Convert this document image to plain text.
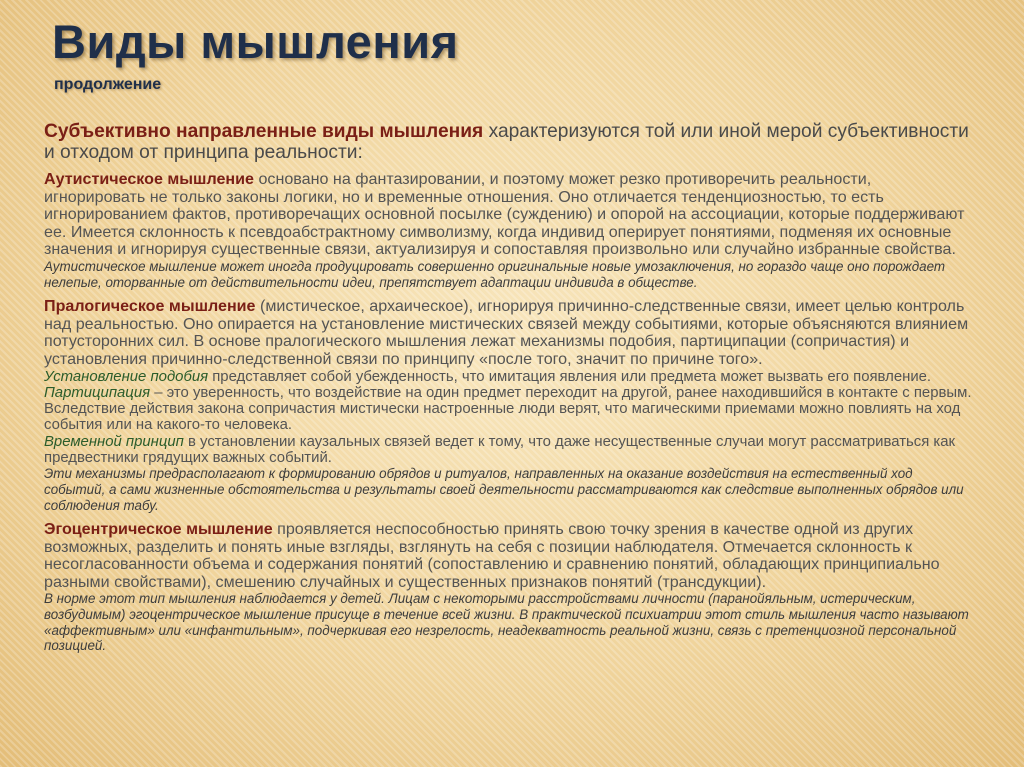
Виды мышления
продолжение

Субъективно направленные виды мышления характеризуются той или иной мерой субъективности и отходом от принципа реальности:

Аутистическое мышление основано на фантазировании, и поэтому может резко противоречить реальности, игнорировать не только законы логики, но и временные отношения. Оно отличается тенденциозностью, то есть игнорированием фактов, противоречащих основной посылке (суждению) и опорой на ассоциации, которые поддерживают ее. Имеется склонность к псевдоабстрактному символизму, когда индивид оперирует понятиями, подменяя их основные значения и игнорируя существенные связи, актуализируя и сопоставляя произвольно или случайно избранные свойства.

Аутистическое мышление может иногда продуцировать совершенно оригинальные новые умозаключения, но гораздо чаще оно порождает нелепые, оторванные от действительности идеи, препятствует адаптации индивида в обществе.

Пралогическое мышление (мистическое, архаическое), игнорируя причинно-следственные связи, имеет целью контроль над реальностью. Оно опирается на установление мистических связей между событиями, которые объясняются влиянием потусторонних сил. В основе пралогического мышления лежат механизмы подобия, партиципации (сопричастия) и установления причинно-следственной связи по принципу «после того, значит по причине того».

Установление подобия представляет собой убежденность, что имитация явления или предмета может вызвать его появление.

Партиципация – это уверенность, что воздействие на один предмет переходит на другой, ранее находившийся в контакте с первым. Вследствие действия закона сопричастия мистически настроенные люди верят, что магическими приемами можно повлиять на ход события или на какого-то человека.

Временной принцип в установлении каузальных связей ведет к тому, что даже несущественные случаи могут рассматриваться как предвестники грядущих важных событий.

Эти механизмы предрасполагают к формированию обрядов и ритуалов, направленных на оказание воздействия на естественный ход событий, а сами жизненные обстоятельства и результаты своей деятельности рассматриваются как следствие выполненных обрядов или соблюдения табу.

Эгоцентрическое мышление проявляется неспособностью принять свою точку зрения в качестве одной из других возможных, разделить и понять иные взгляды, взглянуть на себя с позиции наблюдателя. Отмечается склонность к несогласованности объема и содержания понятий (сопоставлению и сравнению понятий, обладающих принципиально разными свойствами), смешению случайных и существенных признаков понятий (трансдукции).

В норме этот тип мышления наблюдается у детей. Лицам с некоторыми расстройствами личности (паранойяльным, истерическим, возбудимым) эгоцентрическое мышление присуще в течение всей жизни. В практической психиатрии этот стиль мышления часто называют «аффективным» или «инфантильным», подчеркивая его незрелость, неадекватность реальной жизни, связь с претенциозной персональной позицией.
